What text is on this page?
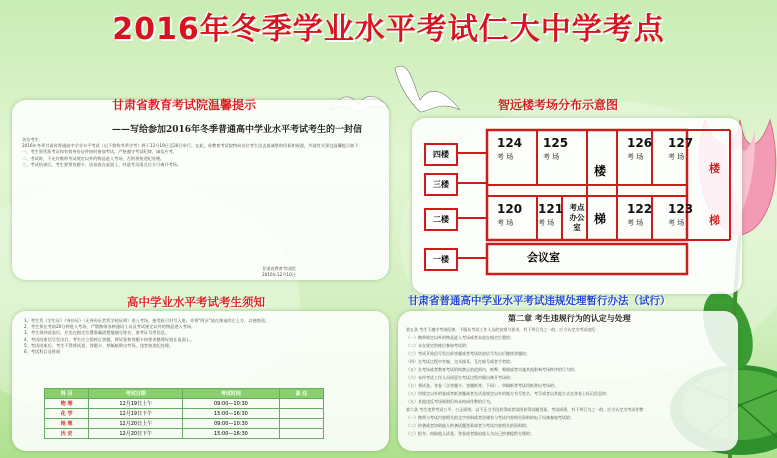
2016年冬季学业水平考试仁大中学考点
甘肃省教育考试院温馨提示
——写给参加2016年冬季普通高中学业水平考试考生的一封信
各位考生：
2016年冬季甘肃省普通高中学业水平考试（以下简称冬季学考）将于12月19日至20日举行。在此，省教育考试院特向各位考生送去最诚挚的问候和祝愿，并就有关事宜温馨提示如下：
一、考生须凭准考证和有效身份证件按时参加考试，严格遵守考试纪律，诚信应考。
二、考试时，不允许携带考试规定以外的物品进入考场，否则将按违纪处理。
三、考试结束后，考生要将答题卡、试卷放在桌面上，经监考员清点后方可离开考场。
甘肃省教育考试院
2016年12月10日
智远楼考场分布示意图
四楼
三楼
二楼
一楼
124
考 场
125
考 场
126
考 场
127
考 场
120
考 场
121
考 场
考点
办公室
122
考 场
123
考 场
楼
梯
楼
梯
会议室
高中学业水平考试考生须知
1、考生凭《学生证》《身份证》（无身份证者凭学校证明）进入考场，接受检可对号入座，并将"两证"放在课桌的左上方，以便查验。
2、考生须在考前20分钟进入考场，严禁携带各种通讯工具及考试规定以外的物品进入考场。
3、考生领到试卷后，应先在指定位置准确清楚地填写姓名、准考证号等信息。
4、考试结束信号发出后，考生应立即停止答题，将试卷和答题卡按要求整理好放在桌面上。
5、考试结束后，考生不得将试卷、答题卡、草稿纸带出考场，违者按违纪处理。
6、考试科目及时间
科 目	考试日期	考试时间	备 注
物 理	12月19日上午	09:00—10:30	
化 学	12月19日下午	15:00—16:30	
地 理	12月20日上午	09:00—10:30	
历 史	12月20日下午	15:00—16:30	
甘肃省普通高中学业水平考试违规处理暂行办法（试行）
第二章 考生违规行为的认定与处理
第五条 考生不遵守考场纪律，不服从考试工作人员的安排与要求，有下列行为之一的，应当认定为考试违纪：
（一）携带规定以外的物品进入考场或者未放在指定位置的；
（二）未在规定的座位参加考试的；
（三）考试开始信号发出前答题或者考试结束信号发出后继续答题的；
（四）在考试过程中旁窥、交头接耳、互打暗号或者手势的；
（五）在考场或者教育考试机构禁止的范围内，喧哗、吸烟或者实施其他影响考场秩序的行为的；
（六）未经考试工作人员同意在考试过程中擅自离开考场的；
（七）将试卷、答卷（含答题卡、答题纸等，下同）、草稿纸等考试用纸带出考场的；
（八）用规定以外的笔或者纸答题或者在试卷规定以外的地方书写姓名、考号或者以其他方式在答卷上标记信息的；
（九）其他违反考场规则但尚未构成作弊的行为。
第六条 考生违背考试公平、公正原则，以不正当手段获得或者试图获得试题答案、考试成绩，有下列行为之一的，应当认定为考试作弊：
（一）携带与考试内容相关的文字材料或者存储有与考试内容相关资料的电子设备参加考试的；
（二）抄袭或者协助他人抄袭试题答案或者与考试内容相关的资料的；
（三）抢夺、窃取他人试卷、答卷或者胁迫他人为自己抄袭提供方便的；
